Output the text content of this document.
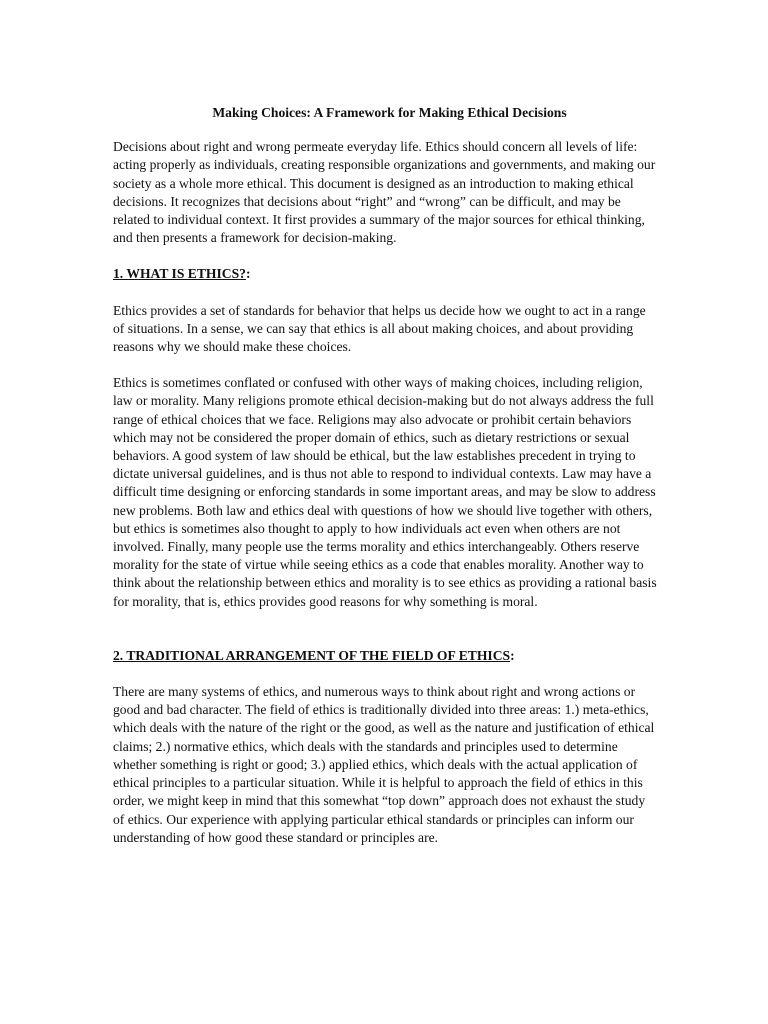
Making Choices: A Framework for Making Ethical Decisions

Decisions about right and wrong permeate everyday life. Ethics should concern all levels of life: acting properly as individuals, creating responsible organizations and governments, and making our society as a whole more ethical. This document is designed as an introduction to making ethical decisions. It recognizes that decisions about “right” and “wrong” can be difficult, and may be related to individual context. It first provides a summary of the major sources for ethical thinking, and then presents a framework for decision-making.

1. WHAT IS ETHICS?:

Ethics provides a set of standards for behavior that helps us decide how we ought to act in a range of situations. In a sense, we can say that ethics is all about making choices, and about providing reasons why we should make these choices.

Ethics is sometimes conflated or confused with other ways of making choices, including religion, law or morality. Many religions promote ethical decision-making but do not always address the full range of ethical choices that we face. Religions may also advocate or prohibit certain behaviors which may not be considered the proper domain of ethics, such as dietary restrictions or sexual behaviors. A good system of law should be ethical, but the law establishes precedent in trying to dictate universal guidelines, and is thus not able to respond to individual contexts. Law may have a difficult time designing or enforcing standards in some important areas, and may be slow to address new problems. Both law and ethics deal with questions of how we should live together with others, but ethics is sometimes also thought to apply to how individuals act even when others are not involved. Finally, many people use the terms morality and ethics interchangeably. Others reserve morality for the state of virtue while seeing ethics as a code that enables morality. Another way to think about the relationship between ethics and morality is to see ethics as providing a rational basis for morality, that is, ethics provides good reasons for why something is moral.

2. TRADITIONAL ARRANGEMENT OF THE FIELD OF ETHICS:

There are many systems of ethics, and numerous ways to think about right and wrong actions or good and bad character. The field of ethics is traditionally divided into three areas: 1.) meta-ethics, which deals with the nature of the right or the good, as well as the nature and justification of ethical claims; 2.) normative ethics, which deals with the standards and principles used to determine whether something is right or good; 3.) applied ethics, which deals with the actual application of ethical principles to a particular situation. While it is helpful to approach the field of ethics in this order, we might keep in mind that this somewhat “top down” approach does not exhaust the study of ethics. Our experience with applying particular ethical standards or principles can inform our understanding of how good these standard or principles are.
